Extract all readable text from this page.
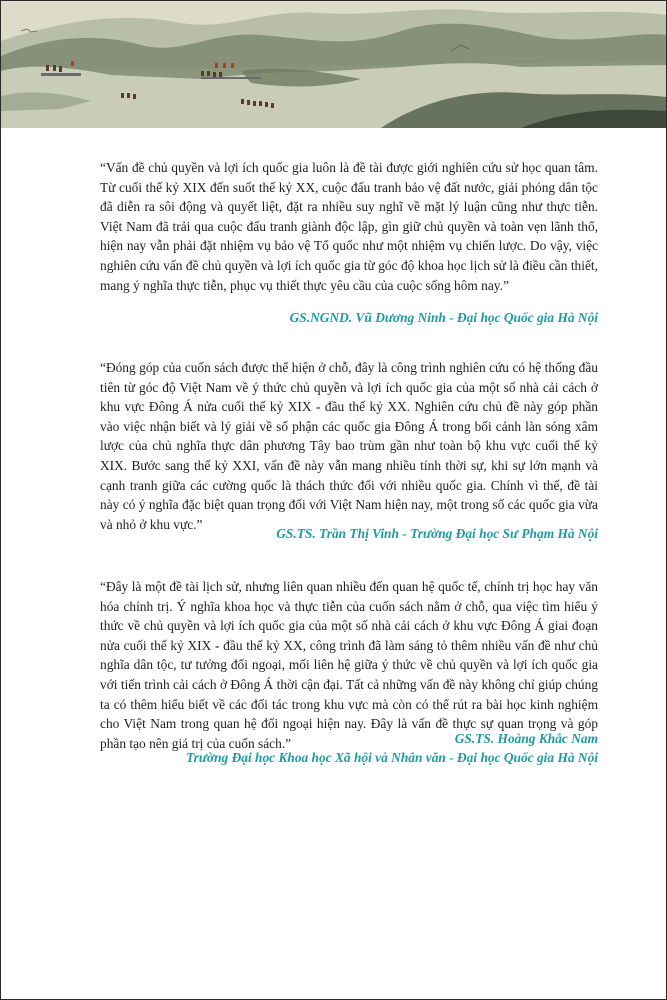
“Vấn đề chủ quyền và lợi ích quốc gia luôn là đề tài được giới nghiên cứu sử học quan tâm. Từ cuối thế kỷ XIX đến suốt thế kỷ XX, cuộc đấu tranh bảo vệ đất nước, giải phóng dân tộc đã diễn ra sôi động và quyết liệt, đặt ra nhiều suy nghĩ về mặt lý luận cũng như thực tiễn. Việt Nam đã trải qua cuộc đấu tranh giành độc lập, gìn giữ chủ quyền và toàn vẹn lãnh thổ, hiện nay vẫn phải đặt nhiệm vụ bảo vệ Tổ quốc như một nhiệm vụ chiến lược. Do vậy, việc nghiên cứu vấn đề chủ quyền và lợi ích quốc gia từ góc độ khoa học lịch sử là điều cần thiết, mang ý nghĩa thực tiễn, phục vụ thiết thực yêu cầu của cuộc sống hôm nay.”

GS.NGND. Vũ Dương Ninh - Đại học Quốc gia Hà Nội

“Đóng góp của cuốn sách được thể hiện ở chỗ, đây là công trình nghiên cứu có hệ thống đầu tiên từ góc độ Việt Nam về ý thức chủ quyền và lợi ích quốc gia của một số nhà cải cách ở khu vực Đông Á nửa cuối thế kỷ XIX - đầu thế kỷ XX. Nghiên cứu chủ đề này góp phần vào việc nhận biết và lý giải về số phận các quốc gia Đông Á trong bối cảnh làn sóng xâm lược của chủ nghĩa thực dân phương Tây bao trùm gần như toàn bộ khu vực cuối thế kỷ XIX. Bước sang thế kỷ XXI, vấn đề này vẫn mang nhiều tính thời sự, khi sự lớn mạnh và cạnh tranh giữa các cường quốc là thách thức đối với nhiều quốc gia. Chính vì thế, đề tài này có ý nghĩa đặc biệt quan trọng đối với Việt Nam hiện nay, một trong số các quốc gia vừa và nhỏ ở khu vực.”

GS.TS. Trần Thị Vinh - Trường Đại học Sư Phạm Hà Nội

“Đây là một đề tài lịch sử, nhưng liên quan nhiều đến quan hệ quốc tế, chính trị học hay văn hóa chính trị. Ý nghĩa khoa học và thực tiễn của cuốn sách nằm ở chỗ, qua việc tìm hiểu ý thức về chủ quyền và lợi ích quốc gia của một số nhà cải cách ở khu vực Đông Á giai đoạn nửa cuối thế kỷ XIX - đầu thế kỷ XX, công trình đã làm sáng tỏ thêm nhiều vấn đề như chủ nghĩa dân tộc, tư tưởng đối ngoại, mối liên hệ giữa ý thức về chủ quyền và lợi ích quốc gia với tiến trình cải cách ở Đông Á thời cận đại. Tất cả những vấn đề này không chỉ giúp chúng ta có thêm hiểu biết về các đối tác trong khu vực mà còn có thể rút ra bài học kinh nghiệm cho Việt Nam trong quan hệ đối ngoại hiện nay. Đây là vấn đề thực sự quan trọng và góp phần tạo nên giá trị của cuốn sách.”	GS.TS. Hoàng Khắc Nam
Trường Đại học Khoa học Xã hội và Nhân văn - Đại học Quốc gia Hà Nội
